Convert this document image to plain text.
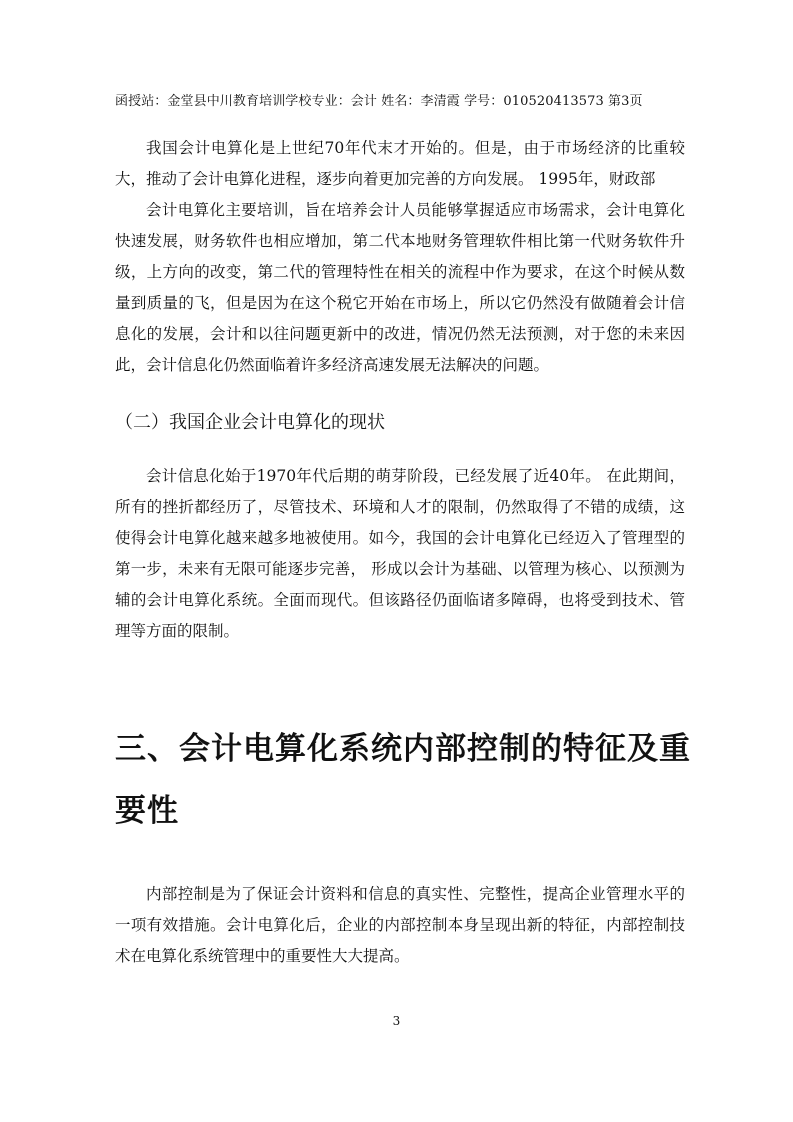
函授站：金堂县中川教育培训学校专业：会计 姓名：李清霞 学号：010520413573 第3页

我国会计电算化是上世纪70年代末才开始的。但是，由于市场经济的比重较大，推动了会计电算化进程，逐步向着更加完善的方向发展。 1995年，财政部

会计电算化主要培训，旨在培养会计人员能够掌握适应市场需求，会计电算化快速发展，财务软件也相应增加，第二代本地财务管理软件相比第一代财务软件升级，上方向的改变，第二代的管理特性在相关的流程中作为要求，在这个时候从数量到质量的飞，但是因为在这个税它开始在市场上，所以它仍然没有做随着会计信息化的发展，会计和以往问题更新中的改进，情况仍然无法预测，对于您的未来因此，会计信息化仍然面临着许多经济高速发展无法解决的问题。

（二）我国企业会计电算化的现状

会计信息化始于1970年代后期的萌芽阶段，已经发展了近40年。 在此期间，所有的挫折都经历了，尽管技术、环境和人才的限制，仍然取得了不错的成绩，这使得会计电算化越来越多地被使用。如今，我国的会计电算化已经迈入了管理型的第一步，未来有无限可能逐步完善， 形成以会计为基础、以管理为核心、以预测为辅的会计电算化系统。全面而现代。但该路径仍面临诸多障碍，也将受到技术、管理等方面的限制。

三、会计电算化系统内部控制的特征及重要性

内部控制是为了保证会计资料和信息的真实性、完整性，提高企业管理水平的一项有效措施。会计电算化后，企业的内部控制本身呈现出新的特征，内部控制技术在电算化系统管理中的重要性大大提高。

3
